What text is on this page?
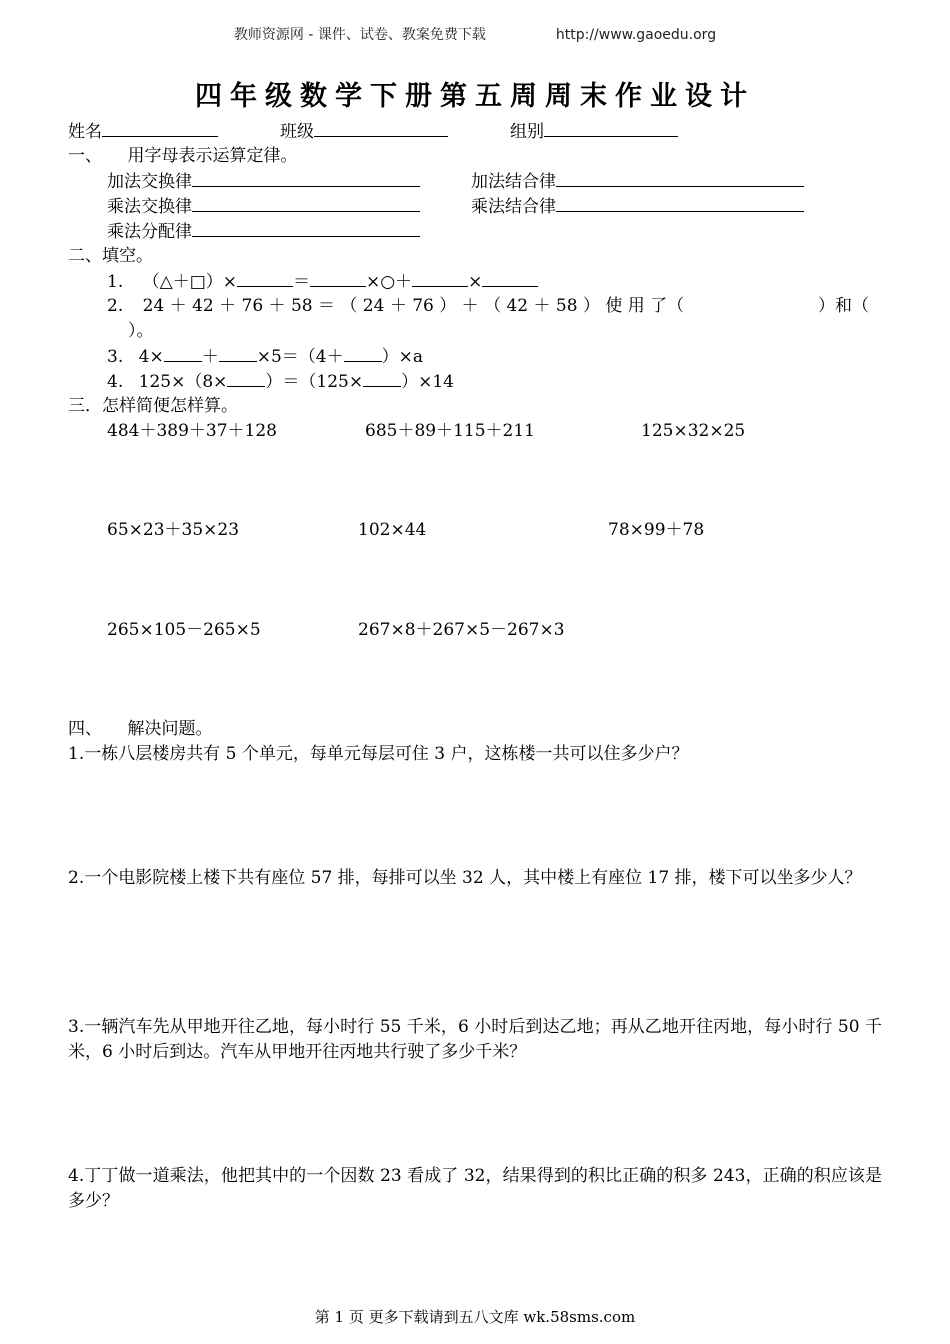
教师资源网 - 课件、试卷、教案免费下载	http://www.gaoedu.org
四年级数学下册第五周周末作业设计
姓名	班级	组别
一、　　用字母表示运算定律。
加法交换律	加法结合律
乘法交换律	乘法结合律
乘法分配律
二、填空。
1. （△＋□）×	＝	×○＋	×
2. 24 ＋ 42 ＋ 76 ＋ 58 ＝ （ 24 ＋ 76 ） ＋ （ 42 ＋ 58 ） 使 用 了（	）和（
）。
3. 4× ＋ ×5＝（4＋ ）×a
4. 125×（8× ）＝（125× ）×14
三．怎样简便怎样算。
484＋389＋37＋128	685＋89＋115＋211	125×32×25
65×23＋35×23	102×44	78×99＋78
265×105－265×5	267×8＋267×5－267×3
四、　　解决问题。
1.一栋八层楼房共有 5 个单元，每单元每层可住 3 户，这栋楼一共可以住多少户？
2.一个电影院楼上楼下共有座位 57 排，每排可以坐 32 人，其中楼上有座位 17 排，楼下可以坐多少人？
3.一辆汽车先从甲地开往乙地，每小时行 55 千米，6 小时后到达乙地；再从乙地开往丙地，每小时行 50 千米，6 小时后到达。汽车从甲地开往丙地共行驶了多少千米？
4.丁丁做一道乘法，他把其中的一个因数 23 看成了 32，结果得到的积比正确的积多 243，正确的积应该是多少？
第 1 页 更多下载请到五八文库 wk.58sms.com
